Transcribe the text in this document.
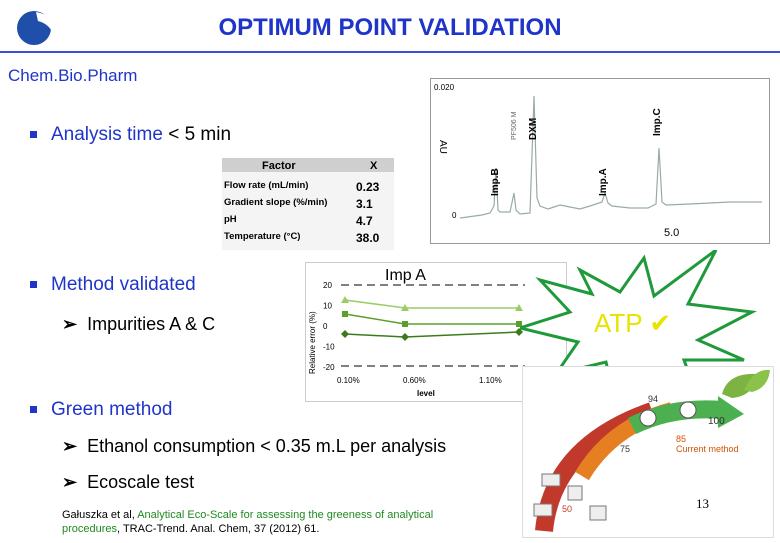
OPTIMUM POINT VALIDATION
Chem.Bio.Pharm
Analysis time < 5 min
Factor	X
Flow rate (mL/min)	0.23
Gradient slope (%/min) 3.1
pH	4.7
Temperature (°C)	38.0
0.020
AU
0
5.0
Imp.B
PF506 M DXM
Imp.A
Imp.C
Method validated
➢ Impurities A & C
Imp A
Relative error (%)
level
20
10
0
-10
-20
0.10%	0.60%	1.10%
ATP ✔
Green method
➢ Ethanol consumption < 0.35 m.L per analysis
➢ Ecoscale test
94
100
85
Current method
75
50	13
Gałuszka et al, Analytical Eco-Scale for assessing the greeness of analytical procedures, TRAC-Trend. Anal. Chem, 37 (2012) 61.
